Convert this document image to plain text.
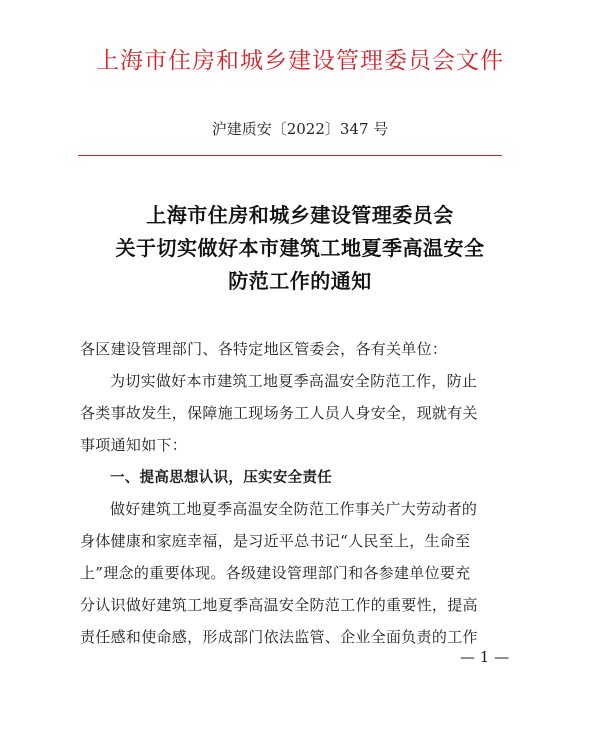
上海市住房和城乡建设管理委员会文件
沪建质安〔2022〕347 号
上海市住房和城乡建设管理委员会
关于切实做好本市建筑工地夏季高温安全
防范工作的通知
各区建设管理部门、各特定地区管委会，各有关单位：
为切实做好本市建筑工地夏季高温安全防范工作，防止
各类事故发生，保障施工现场务工人员人身安全，现就有关
事项通知如下：
一、提高思想认识，压实安全责任
做好建筑工地夏季高温安全防范工作事关广大劳动者的
身体健康和家庭幸福，是习近平总书记“人民至上，生命至
上”理念的重要体现。各级建设管理部门和各参建单位要充
分认识做好建筑工地夏季高温安全防范工作的重要性，提高
责任感和使命感，形成部门依法监管、企业全面负责的工作
— 1 —
